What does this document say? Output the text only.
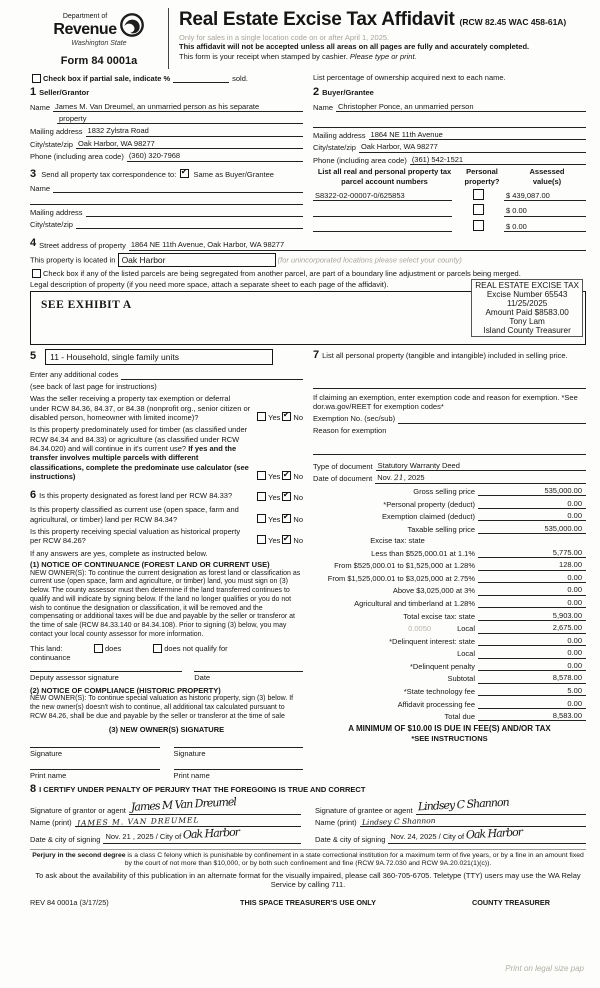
Department of
Revenue
Washington State
Form 84 0001a
Real Estate Excise Tax Affidavit (RCW 82.45 WAC 458-61A)
Only for sales in a single location code on or after April 1, 2025.
This affidavit will not be accepted unless all areas on all pages are fully and accurately completed.
This form is your receipt when stamped by cashier. Please type or print.
Check box if partial sale, indicate %	sold.	List percentage of ownership acquired next to each name.
1 Seller/Grantor
Name James M. Van Dreumel, an unmarried person as his separate
property
Mailing address 1832 Zylstra Road
City/state/zip Oak Harbor, WA 98277
Phone (including area code) (360) 320-7968
3 Send all property tax correspondence to: ✔ Same as Buyer/Grantee
Name
Mailing address
City/state/zip
2 Buyer/Grantee
Name Christopher Ponce, an unmarried person
Mailing address 1864 NE 11th Avenue
City/state/zip Oak Harbor, WA 98277
Phone (including area code) (361) 542-1521
List all real and personal property tax
parcel account numbers
Personal
property?
Assessed
value(s)
S8322-02-00007-0/625853	$ 439,087.00
$ 0.00
$ 0.00
4 Street address of property 1864 NE 11th Avenue, Oak Harbor, WA 98277
This property is located in Oak Harbor	(for unincorporated locations please select your county)
Check box if any of the listed parcels are being segregated from another parcel, are part of a boundary line adjustment or parcels being merged.
Legal description of property (if you need more space, attach a separate sheet to each page of the affidavit).
SEE EXHIBIT A
REAL ESTATE EXCISE TAX
Excise Number 65543
11/25/2025
Amount Paid $8583.00
Tony Lam
Island County Treasurer
5	11 - Household, single family units
Enter any additional codes
(see back of last page for instructions)
Was the seller receiving a property tax exemption or deferral under RCW 84.36, 84.37, or 84.38 (nonprofit org., senior citizen or disabled person, homeowner with limited income)?	Yes ✔ No
Is this property predominately used for timber (as classified under RCW 84.34 and 84.33) or agriculture (as classified under RCW 84.34.020) and will continue in it's current use? If yes and the transfer involves multiple parcels with different classifications, complete the predominate use calculator (see instructions)	Yes ✔ No
6 Is this property designated as forest land per RCW 84.33?	Yes ✔ No
Is this property classified as current use (open space, farm and agricultural, or timber) land per RCW 84.34?	Yes ✔ No
Is this property receiving special valuation as historical property per RCW 84.26?	Yes ✔ No
If any answers are yes, complete as instructed below.
(1) NOTICE OF CONTINUANCE (FOREST LAND OR CURRENT USE)
NEW OWNER(S): To continue the current designation as forest land or classification as current use (open space, farm and agriculture, or timber) land, you must sign on (3) below. The county assessor must then determine if the land transferred continues to qualify and will indicate by signing below. If the land no longer qualifies or you do not wish to continue the designation or classification, it will be removed and the compensating or additional taxes will be due and payable by the seller or transferor at the time of sale (RCW 84.33.140 or 84.34.108). Prior to signing (3) below, you may contact your local county assessor for more information.
This land:	does	does not qualify for
continuance
Deputy assessor signature	Date
(2) NOTICE OF COMPLIANCE (HISTORIC PROPERTY)
NEW OWNER(S): To continue special valuation as historic property, sign (3) below. If the new owner(s) doesn't wish to continue, all additional tax calculated pursuant to RCW 84.26, shall be due and payable by the seller or transferor at the time of sale
(3) NEW OWNER(S) SIGNATURE
Signature	Signature
Print name	Print name
7 List all personal property (tangible and intangible) included in selling price.
If claiming an exemption, enter exemption code and reason for exemption. *See dor.wa.gov/REET for exemption codes*
Exemption No. (sec/sub)
Reason for exemption
Type of document Statutory Warranty Deed
Date of document Nov. 21, 2025
Gross selling price	535,000.00
*Personal property (deduct)	0.00
Exemption claimed (deduct)	0.00
Taxable selling price	535,000.00
Excise tax: state
Less than $525,000.01 at 1.1%	5,775.00
From $525,000.01 to $1,525,000 at 1.28%	128.00
From $1,525,000.01 to $3,025,000 at 2.75%	0.00
Above $3,025,000 at 3%	0.00
Agricultural and timberland at 1.28%	0.00
Total excise tax: state	5,903.00
0.0050	Local	2,675.00
*Delinquent interest: state	0.00
Local	0.00
*Delinquent penalty	0.00
Subtotal	8,578.00
*State technology fee	5.00
Affidavit processing fee	0.00
Total due	8,583.00
A MINIMUM OF $10.00 IS DUE IN FEE(S) AND/OR TAX
*SEE INSTRUCTIONS
8 I CERTIFY UNDER PENALTY OF PERJURY THAT THE FOREGOING IS TRUE AND CORRECT
Signature of grantor or agent James M Van Dreumel
Name (print) JAMES M. VAN DREUMEL
Date & city of signing Nov. 21 , 2025 / City of Oak Harbor
Signature of grantee or agent Lindsey C Shannon
Name (print) Lindsey C Shannon
Date & city of signing Nov. 24, 2025 / City of Oak Harbor
Perjury in the second degree is a class C felony which is punishable by confinement in a state correctional institution for a maximum term of five years, or by a fine in an amount fixed by the court of not more than $10,000, or by both such confinement and fine (RCW 9A.72.030 and RCW 9A.20.021(1)(c)).
To ask about the availability of this publication in an alternate format for the visually impaired, please call 360-705-6705. Teletype (TTY) users may use the WA Relay Service by calling 711.
REV 84 0001a (3/17/25)	THIS SPACE TREASURER'S USE ONLY	COUNTY TREASURER
Print on legal size pap
